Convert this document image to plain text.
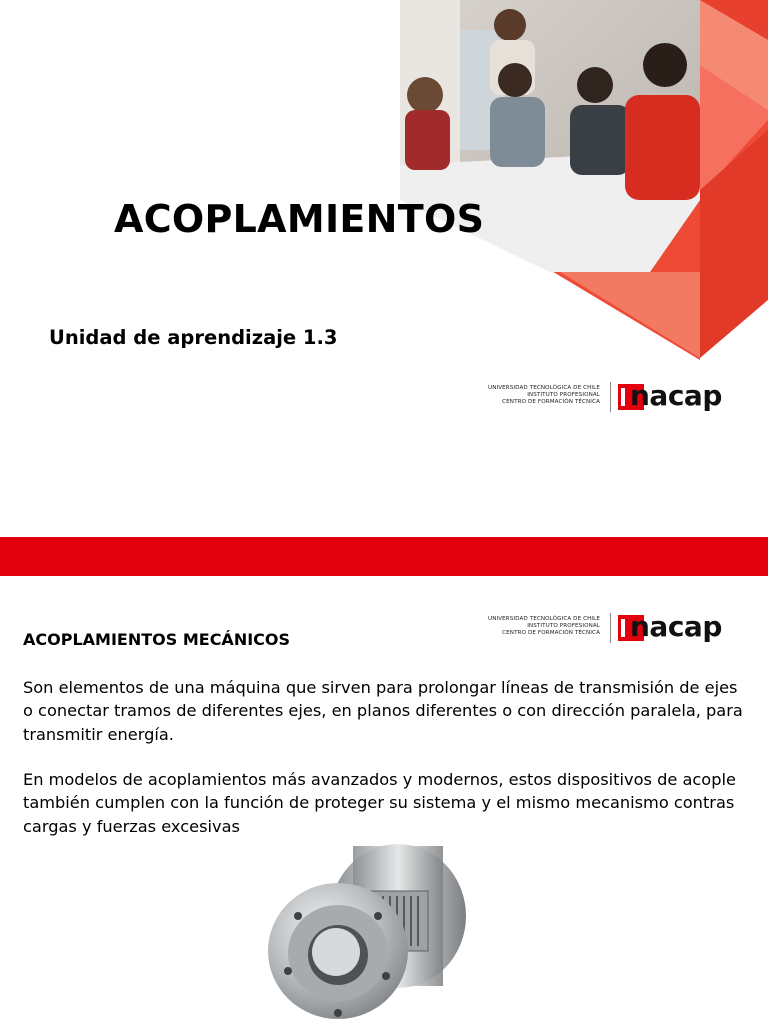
ACOPLAMIENTOS
Unidad de aprendizaje 1.3
UNIVERSIDAD TECNOLÓGICA DE CHILE
INSTITUTO PROFESIONAL
CENTRO DE FORMACIÓN TÉCNICA nacap
UNIVERSIDAD TECNOLÓGICA DE CHILE
INSTITUTO PROFESIONAL
CENTRO DE FORMACIÓN TÉCNICA nacap
ACOPLAMIENTOS MECÁNICOS

Son elementos de una máquina que sirven para prolongar líneas de transmisión de ejes o conectar tramos de diferentes ejes, en planos diferentes o con dirección paralela, para transmitir energía.

En modelos de acoplamientos más avanzados y modernos, estos dispositivos de acople también cumplen con la función de proteger su sistema y el mismo mecanismo contras cargas y fuerzas excesivas
